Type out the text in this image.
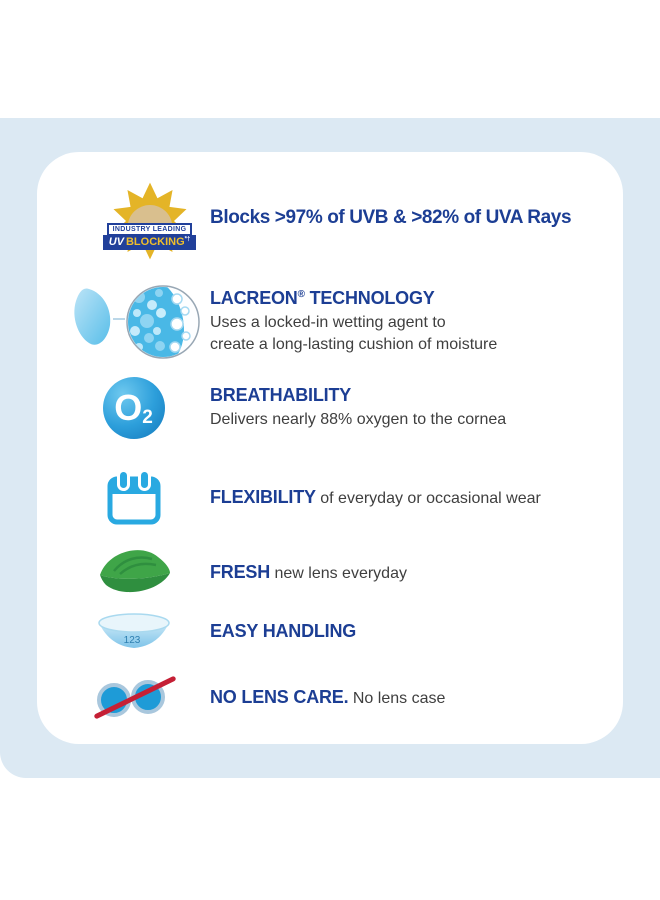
INDUSTRY LEADING
UV BLOCKING*†
Blocks >97% of UVB & >82% of UVA Rays
LACREON® TECHNOLOGY
Uses a locked-in wetting agent to
create a long-lasting cushion of moisture
O 2
BREATHABILITY
Delivers nearly 88% oxygen to the cornea
FLEXIBILITY of everyday or occasional wear
FRESH new lens everyday
123	EASY HANDLING
NO LENS CARE. No lens case
